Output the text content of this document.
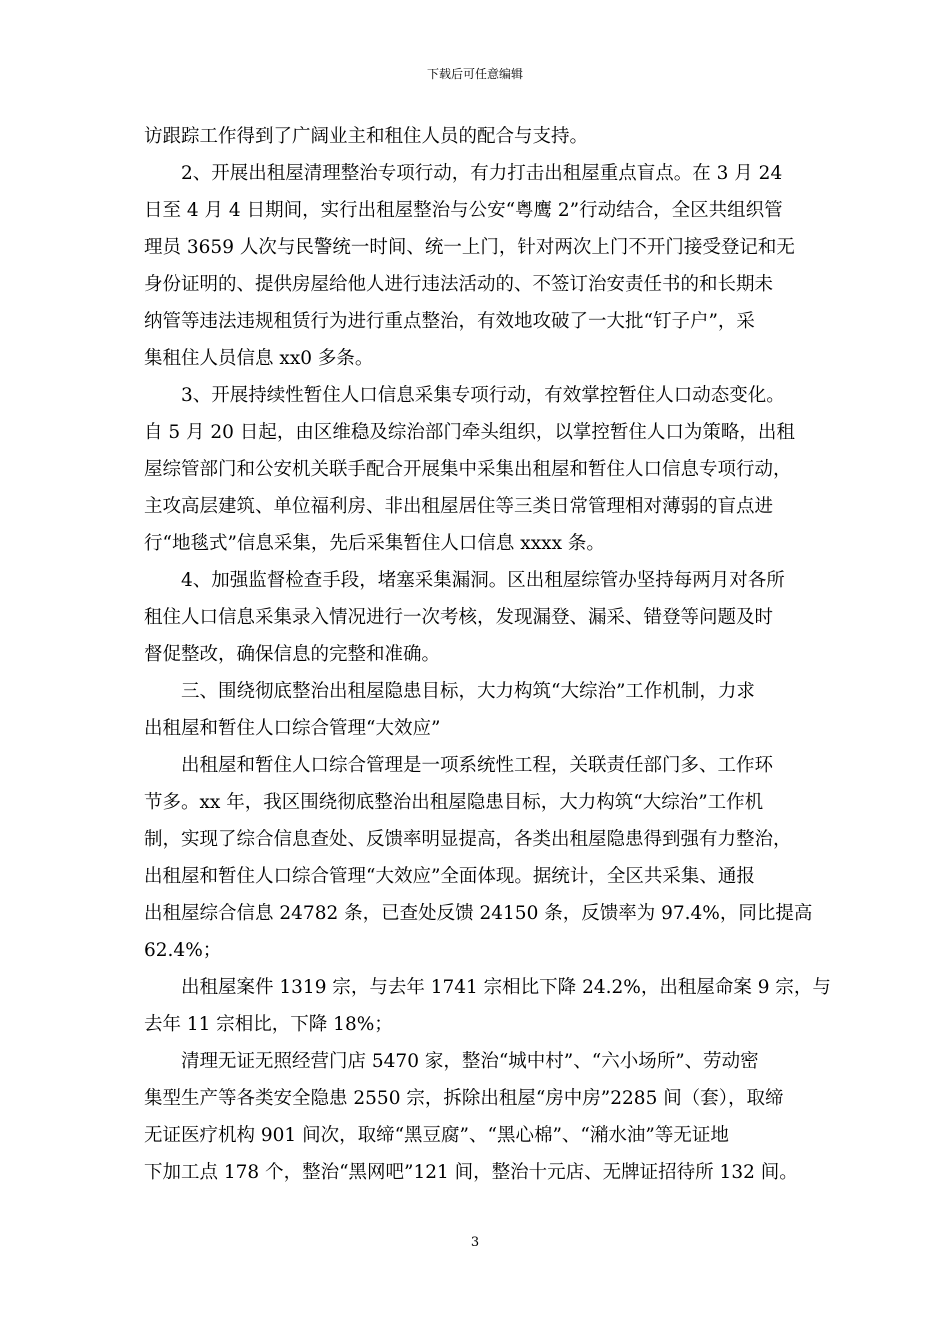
下载后可任意编辑
访跟踪工作得到了广阔业主和租住人员的配合与支持。
2、开展出租屋清理整治专项行动，有力打击出租屋重点盲点。在 3 月 24
日至 4 月 4 日期间，实行出租屋整治与公安“粤鹰 2”行动结合，全区共组织管
理员 3659 人次与民警统一时间、统一上门，针对两次上门不开门接受登记和无
身份证明的、提供房屋给他人进行违法活动的、不签订治安责任书的和长期未
纳管等违法违规租赁行为进行重点整治，有效地攻破了一大批“钉子户”，采
集租住人员信息 xx0 多条。
3、开展持续性暂住人口信息采集专项行动，有效掌控暂住人口动态变化。
自 5 月 20 日起，由区维稳及综治部门牵头组织，以掌控暂住人口为策略，出租
屋综管部门和公安机关联手配合开展集中采集出租屋和暂住人口信息专项行动，
主攻高层建筑、单位福利房、非出租屋居住等三类日常管理相对薄弱的盲点进
行“地毯式”信息采集，先后采集暂住人口信息 xxxx 条。
4、加强监督检查手段，堵塞采集漏洞。区出租屋综管办坚持每两月对各所
租住人口信息采集录入情况进行一次考核，发现漏登、漏采、错登等问题及时
督促整改，确保信息的完整和准确。
三、围绕彻底整治出租屋隐患目标，大力构筑“大综治”工作机制，力求
出租屋和暂住人口综合管理“大效应”
出租屋和暂住人口综合管理是一项系统性工程，关联责任部门多、工作环
节多。xx 年，我区围绕彻底整治出租屋隐患目标，大力构筑“大综治”工作机
制，实现了综合信息查处、反馈率明显提高，各类出租屋隐患得到强有力整治，
出租屋和暂住人口综合管理“大效应”全面体现。据统计，全区共采集、通报
出租屋综合信息 24782 条，已查处反馈 24150 条，反馈率为 97.4%，同比提高
62.4%；
出租屋案件 1319 宗，与去年 1741 宗相比下降 24.2%，出租屋命案 9 宗，与
去年 11 宗相比，下降 18%；
清理无证无照经营门店 5470 家，整治“城中村”、“六小场所”、劳动密
集型生产等各类安全隐患 2550 宗，拆除出租屋“房中房”2285 间（套），取缔
无证医疗机构 901 间次，取缔“黑豆腐”、“黑心棉”、“潲水油”等无证地
下加工点 178 个，整治“黑网吧”121 间，整治十元店、无牌证招待所 132 间。
3
